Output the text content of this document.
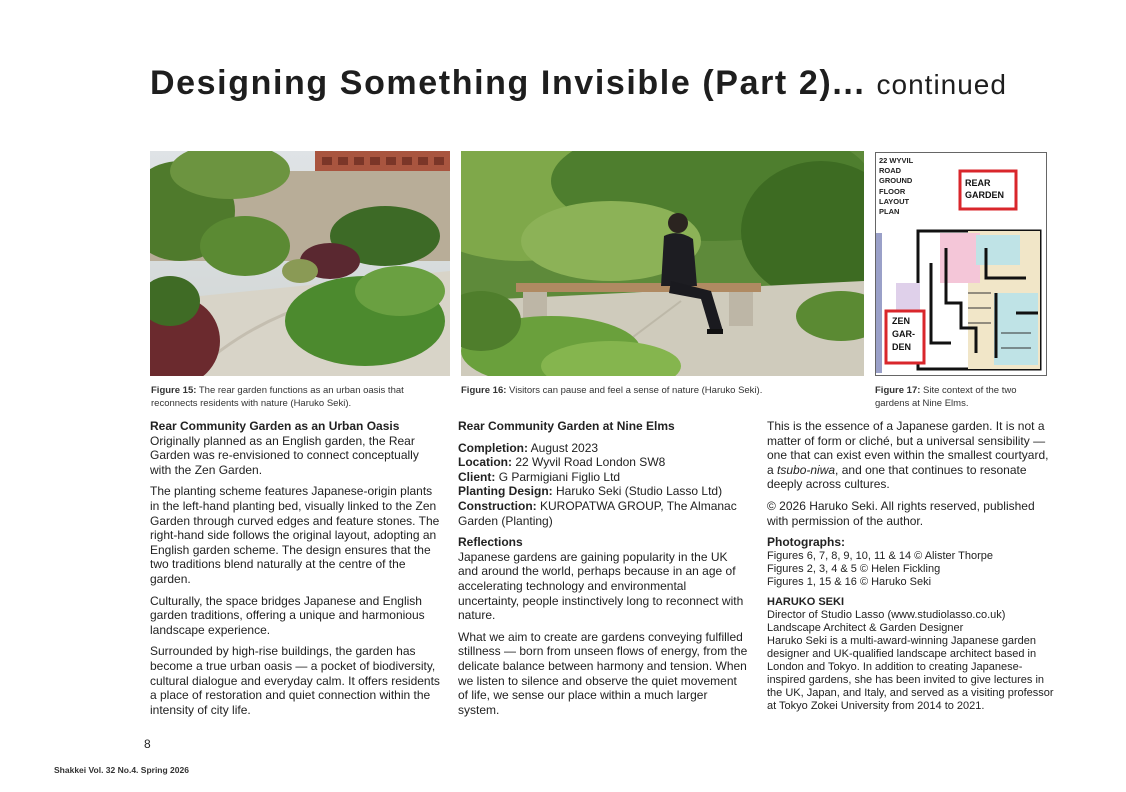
Designing Something Invisible (Part 2)... continued
22 WYVIL
ROAD
GROUND
FLOOR
LAYOUT
PLAN
REAR
GARDEN
ZEN
GAR-
DEN
Figure 15: The rear garden functions as an urban oasis that reconnects residents with nature (Haruko Seki).
Figure 16: Visitors can pause and feel a sense of nature (Haruko Seki).	Figure 17: Site context of the two gardens at Nine Elms.
Rear Community Garden as an Urban Oasis

Originally planned as an English garden, the Rear Garden was re-envisioned to connect conceptually with the Zen Garden.

The planting scheme features Japanese-origin plants in the left-hand planting bed, visually linked to the Zen Garden through curved edges and feature stones. The right-hand side follows the original layout, adopting an English garden scheme. The design ensures that the two traditions blend naturally at the centre of the garden.

Culturally, the space bridges Japanese and English garden traditions, offering a unique and harmonious landscape experience.

Surrounded by high-rise buildings, the garden has become a true urban oasis — a pocket of biodiversity, cultural dialogue and everyday calm. It offers residents a place of restoration and quiet connection within the intensity of city life.

Rear Community Garden at Nine Elms
Completion: August 2023
Location: 22 Wyvil Road London SW8
Client: G Parmigiani Figlio Ltd
Planting Design: Haruko Seki (Studio Lasso Ltd)
Construction: KUROPATWA GROUP, The Almanac Garden (Planting)
Reflections

Japanese gardens are gaining popularity in the UK and around the world, perhaps because in an age of accelerating technology and environmental uncertainty, people instinctively long to reconnect with nature.

What we aim to create are gardens conveying fulfilled stillness — born from unseen flows of energy, from the delicate balance between harmony and tension. When we listen to silence and observe the quiet movement of life, we sense our place within a much larger system.

This is the essence of a Japanese garden. It is not a matter of form or cliché, but a universal sensibility — one that can exist even within the smallest courtyard, a tsubo-niwa, and one that continues to resonate deeply across cultures.

© 2026 Haruko Seki. All rights reserved, published with permission of the author.

Photographs:
Figures 6, 7, 8, 9, 10, 11 & 14 © Alister Thorpe
Figures 2, 3, 4 & 5 © Helen Fickling
Figures 1, 15 & 16 © Haruko Seki
HARUKO SEKI
Director of Studio Lasso (www.studiolasso.co.uk)
Landscape Architect & Garden Designer
Haruko Seki is a multi-award-winning Japanese garden designer and UK-qualified landscape architect based in London and Tokyo. In addition to creating Japanese-inspired gardens, she has been invited to give lectures in the UK, Japan, and Italy, and served as a visiting professor at Tokyo Zokei University from 2014 to 2021.
8
Shakkei Vol. 32 No.4. Spring 2026
